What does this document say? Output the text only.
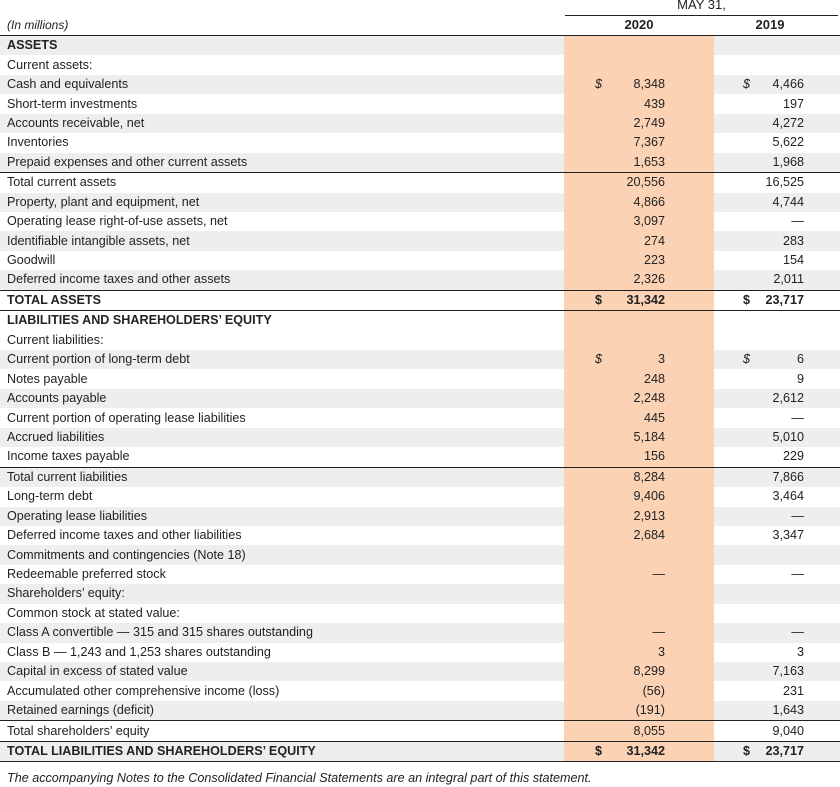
MAY 31,
2020	2019
(In millions)
ASSETS	

Current assets:	

Cash and equivalents	$ 8,348		$ 4,466

Short-term investments	439		197

Accounts receivable, net	2,749		4,272

Inventories	7,367		5,622

Prepaid expenses and other current assets	1,653		1,968

Total current assets	20,556		16,525

Property, plant and equipment, net	4,866		4,744

Operating lease right-of-use assets, net	3,097		—

Identifiable intangible assets, net	274		283

Goodwill	223		154

Deferred income taxes and other assets	2,326		2,011

TOTAL ASSETS	$ 31,342		$ 23,717

LIABILITIES AND SHAREHOLDERS’ EQUITY	

Current liabilities:	

Current portion of long-term debt	$ 3		$ 6

Notes payable	248		9

Accounts payable	2,248		2,612

Current portion of operating lease liabilities	445		—

Accrued liabilities	5,184		5,010

Income taxes payable	156		229

Total current liabilities	8,284		7,866

Long-term debt	9,406		3,464

Operating lease liabilities	2,913		—

Deferred income taxes and other liabilities	2,684		3,347

Commitments and contingencies (Note 18)	

Redeemable preferred stock	—		—

Shareholders’ equity:	

Common stock at stated value:	

Class A convertible — 315 and 315 shares outstanding	—		—

Class B — 1,243 and 1,253 shares outstanding	3		3

Capital in excess of stated value	8,299		7,163

Accumulated other comprehensive income (loss)	(56)		231

Retained earnings (deficit)	(191)		1,643

Total shareholders’ equity	8,055		9,040

TOTAL LIABILITIES AND SHAREHOLDERS’ EQUITY	$ 31,342		$ 23,717
The accompanying Notes to the Consolidated Financial Statements are an integral part of this statement.
